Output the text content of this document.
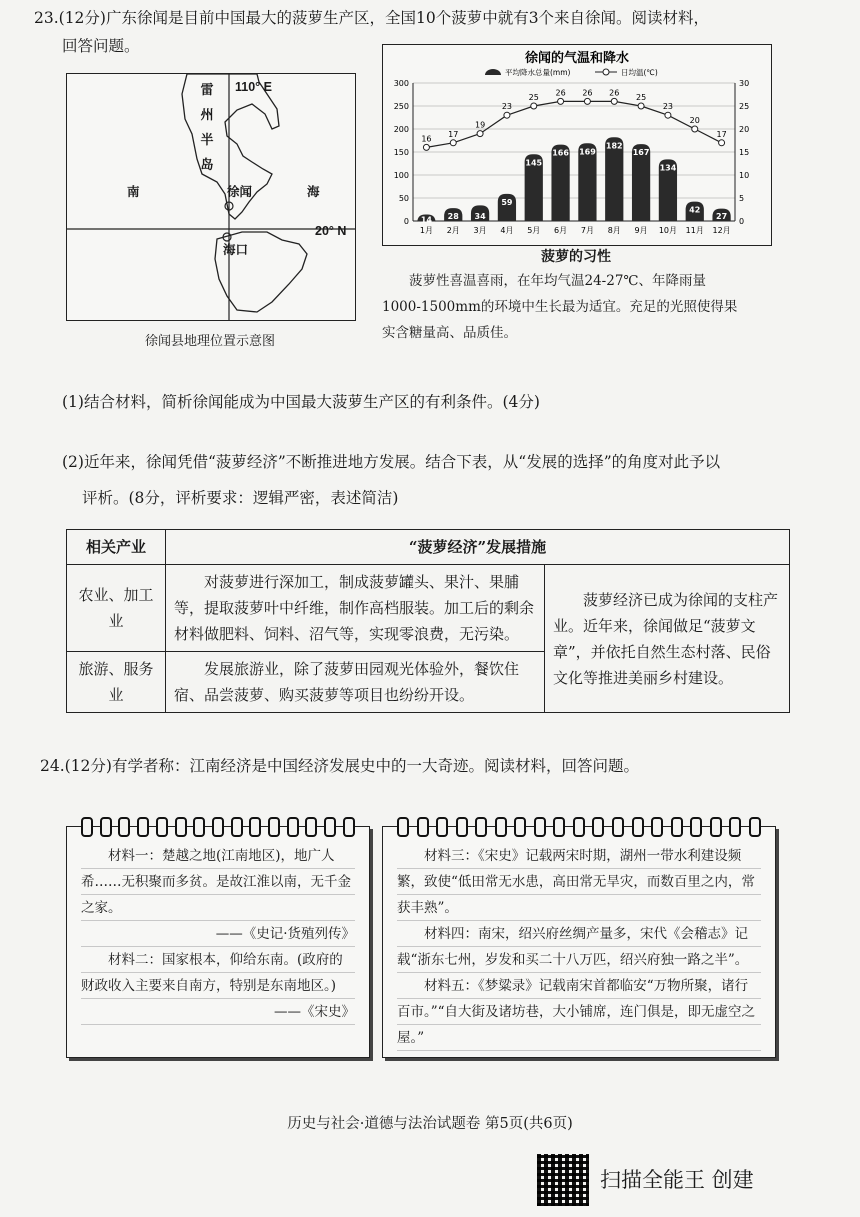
23.(12分)广东徐闻是目前中国最大的菠萝生产区，全国10个菠萝中就有3个来自徐闻。阅读材料，
回答问题。
雷
州
半
岛
110° E
20° N
南	海
徐闻
海口
徐闻县地理位置示意图
徐闻的气温和降水
平均降水总量(mm)	日均温(℃)
0
50
100
150
200
250
300
0
5
10
15
20
25
30
1月 2月 3月 4月 5月 6月 7月 8月 9月 10月 11月 12月
14 28 34
59
145
166 169
182
167
134
42
27
16
17
19
23
25
26 26 26
25
23
20
17
菠萝的习性
菠萝性喜温喜雨，在年均气温24-27℃、年降雨量
1000-1500mm的环境中生长最为适宜。充足的光照使得果
实含糖量高、品质佳。
(1)结合材料，简析徐闻能成为中国最大菠萝生产区的有利条件。(4分)
(2)近年来，徐闻凭借“菠萝经济”不断推进地方发展。结合下表，从“发展的选择”的角度对此予以
评析。(8分，评析要求：逻辑严密，表述简洁)
相关产业	“菠萝经济”发展措施	
农业、加工业	对菠萝进行深加工，制成菠萝罐头、果汁、果脯等，提取菠萝叶中纤维，制作高档服装。加工后的剩余材料做肥料、饲料、沼气等，实现零浪费，无污染。	菠萝经济已成为徐闻的支柱产业。近年来，徐闻做足“菠萝文章”，并依托自然生态村落、民俗文化等推进美丽乡村建设。
旅游、服务业	发展旅游业，除了菠萝田园观光体验外，餐饮住宿、品尝菠萝、购买菠萝等项目也纷纷开设。	
24.(12分)有学者称：江南经济是中国经济发展史中的一大奇迹。阅读材料，回答问题。

材料一：楚越之地(江南地区)，地广人希……无积聚而多贫。是故江淮以南，无千金之家。

——《史记·货殖列传》

材料二：国家根本，仰给东南。(政府的财政收入主要来自南方，特别是东南地区。)

——《宋史》

材料三：《宋史》记载两宋时期，湖州一带水利建设频繁，致使“低田常无水患，高田常无旱灾，而数百里之内，常获丰熟”。

材料四：南宋，绍兴府丝绸产量多，宋代《会稽志》记载“浙东七州，岁发和买二十八万匹，绍兴府独一路之半”。

材料五：《梦粱录》记载南宋首都临安“万物所聚，诸行百市。”“自大街及诸坊巷，大小铺席，连门俱是，即无虚空之屋。”

历史与社会·道德与法治试题卷 第5页(共6页)
扫描全能王 创建
